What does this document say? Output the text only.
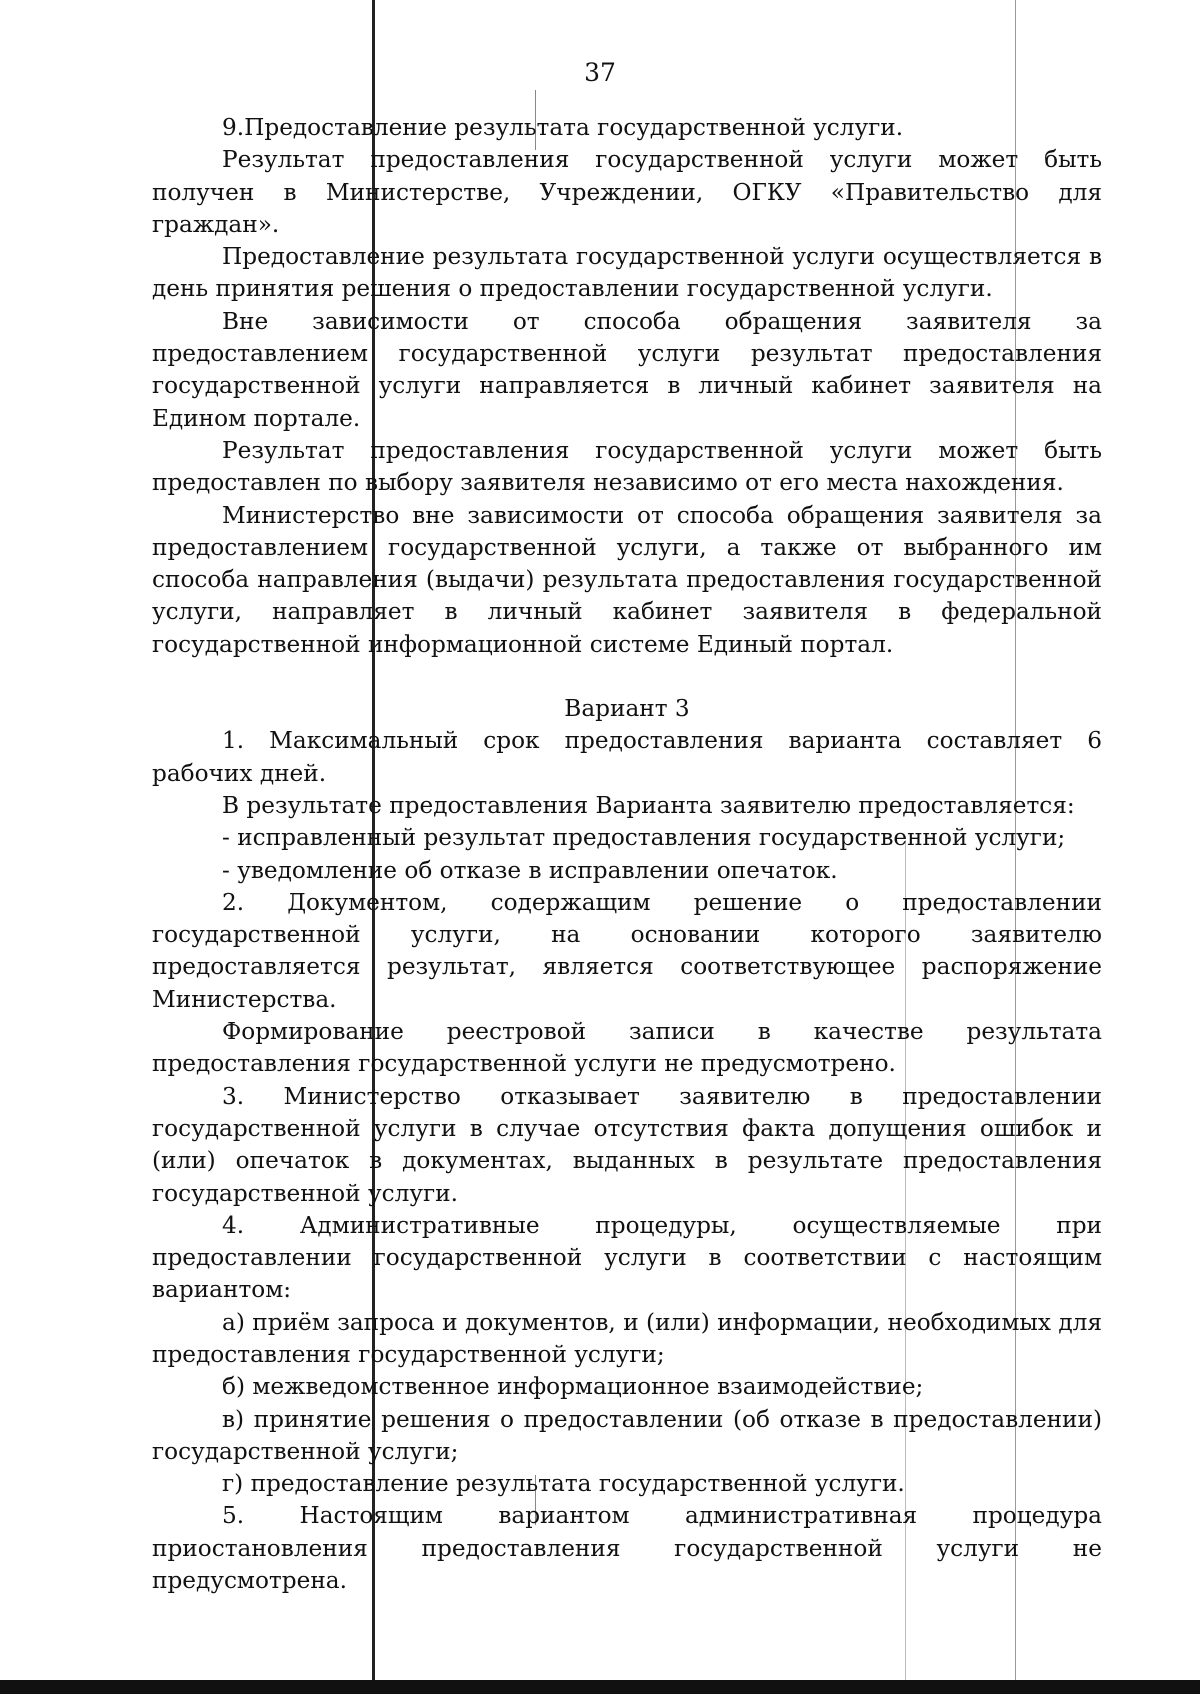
37

9.Предоставление результата государственной услуги.

Результат предоставления государственной услуги может быть получен в Министерстве, Учреждении, ОГКУ «Правительство для граждан».

Предоставление результата государственной услуги осуществляется в день принятия решения о предоставлении государственной услуги.

Вне зависимости от способа обращения заявителя за предоставлением государственной услуги результат предоставления государственной услуги направляется в личный кабинет заявителя на Едином портале.

Результат предоставления государственной услуги может быть предоставлен по выбору заявителя независимо от его места нахождения.

Министерство вне зависимости от способа обращения заявителя за предоставлением государственной услуги, а также от выбранного им способа направления (выдачи) результата предоставления государственной услуги, направляет в личный кабинет заявителя в федеральной государственной информационной системе Единый портал.

Вариант 3

1. Максимальный срок предоставления варианта составляет 6 рабочих дней.

В результате предоставления Варианта заявителю предоставляется:

- исправленный результат предоставления государственной услуги;

- уведомление об отказе в исправлении опечаток.

2. Документом, содержащим решение о предоставлении государственной услуги, на основании которого заявителю предоставляется результат, является соответствующее распоряжение Министерства.

Формирование реестровой записи в качестве результата предоставления государственной услуги не предусмотрено.

3. Министерство отказывает заявителю в предоставлении государственной услуги в случае отсутствия факта допущения ошибок и (или) опечаток в документах, выданных в результате предоставления государственной услуги.

4. Административные процедуры, осуществляемые при предоставлении государственной услуги в соответствии с настоящим вариантом:

а) приём запроса и документов, и (или) информации, необходимых для предоставления государственной услуги;

б) межведомственное информационное взаимодействие;

в) принятие решения о предоставлении (об отказе в предоставлении) государственной услуги;

г) предоставление результата государственной услуги.

5. Настоящим вариантом административная процедура приостановления предоставления государственной услуги не предусмотрена.
